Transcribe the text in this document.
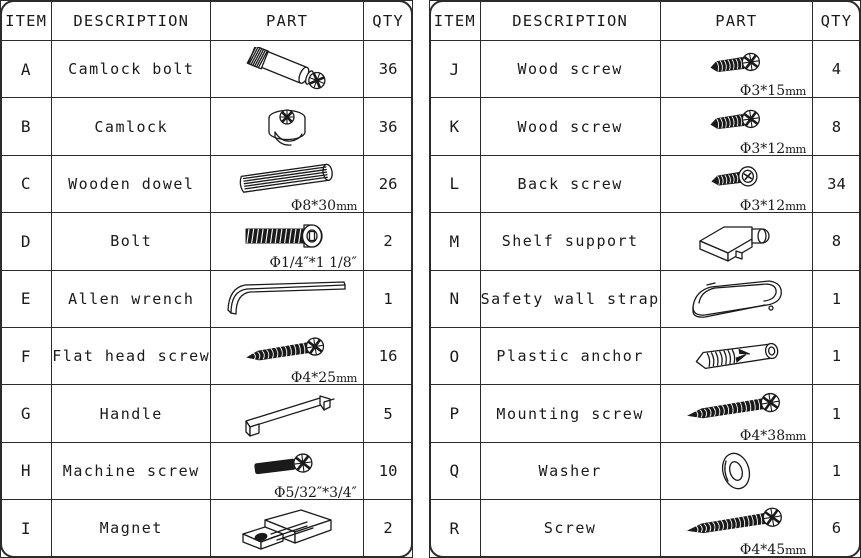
ITEM	DESCRIPTION	PART	QTY
A	Camlock bolt		36
B	Camlock		36
C	Wooden dowel	Φ8*30mm	26
D	Bolt	Φ1/4″*1 1/8″	2
E	Allen wrench		1
F	Flat head screw	Φ4*25mm	16
G	Handle		5
H	Machine screw	Φ5/32″*3/4″	10
I	Magnet		2
ITEM	DESCRIPTION	PART	QTY
J	Wood screw	Φ3*15mm	4
K	Wood screw	Φ3*12mm	8
L	Back screw	Φ3*12mm	34
M	Shelf support		8
N	Safety wall strap		1
O	Plastic anchor		1
P	Mounting screw	Φ4*38mm	1
Q	Washer		1
R	Screw	Φ4*45mm	6
